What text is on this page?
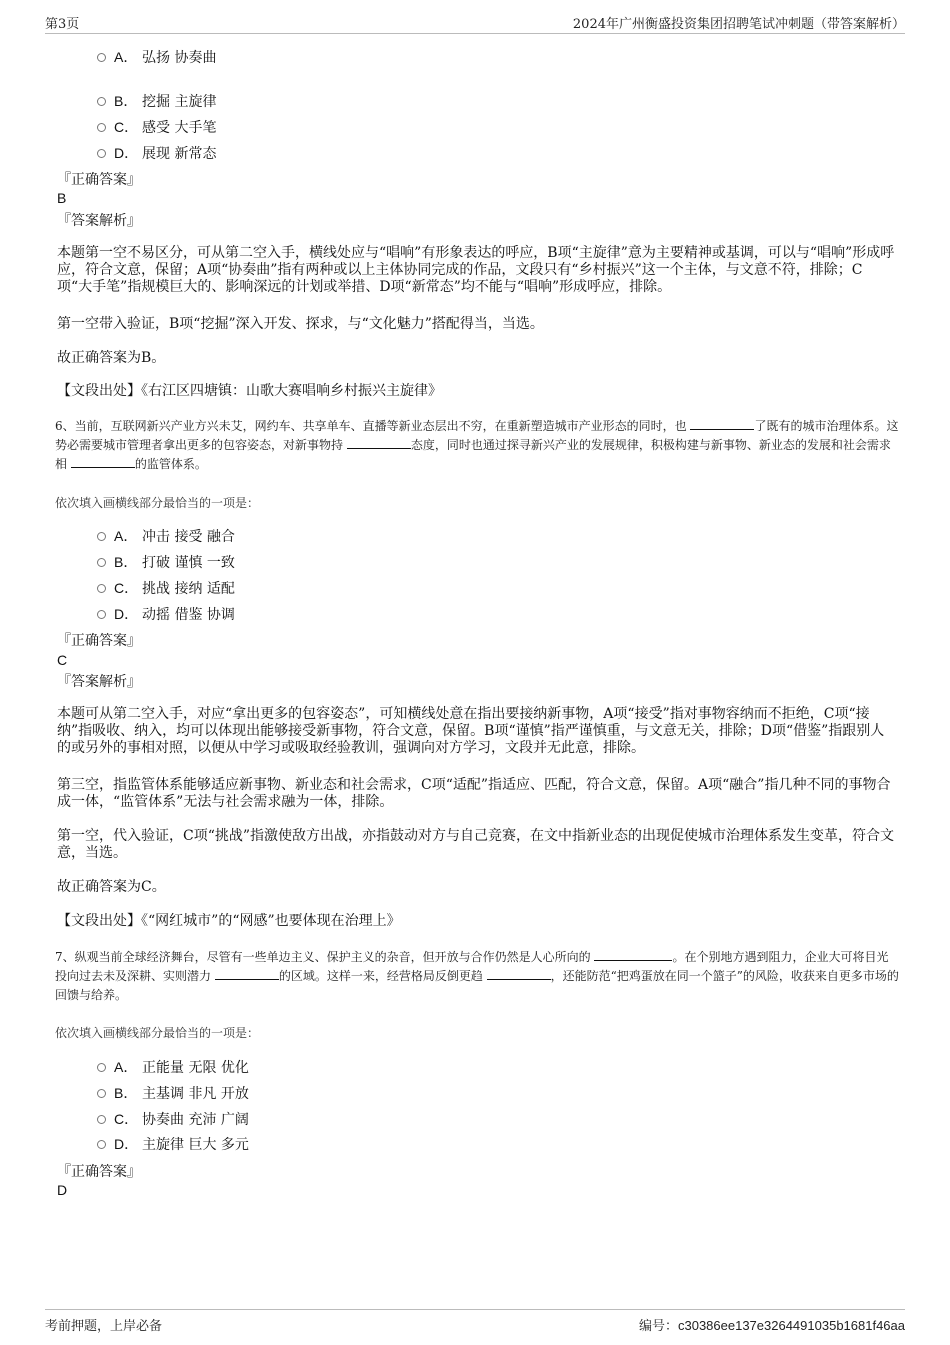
第3页	2024年广州衡盛投资集团招聘笔试冲刺题（带答案解析）
A． 弘扬 协奏曲
B． 挖掘 主旋律
C． 感受 大手笔
D． 展现 新常态
『正确答案』
B
『答案解析』
本题第一空不易区分，可从第二空入手，横线处应与“唱响”有形象表达的呼应，B项“主旋律”意为主要精神或基调，可以与“唱响”形成呼应，符合文意，保留；A项“协奏曲”指有两种或以上主体协同完成的作品，文段只有“乡村振兴”这一个主体，与文意不符，排除；C项“大手笔”指规模巨大的、影响深远的计划或举措、D项“新常态”均不能与“唱响”形成呼应，排除。
第一空带入验证，B项“挖掘”深入开发、探求，与“文化魅力”搭配得当，当选。
故正确答案为B。
【文段出处】《右江区四塘镇：山歌大赛唱响乡村振兴主旋律》
6、当前，互联网新兴产业方兴未艾，网约车、共享单车、直播等新业态层出不穷，在重新塑造城市产业形态的同时，也	了既有的城市治理体系。这势必需要城市管理者拿出更多的包容姿态，对新事物持	态度，同时也通过探寻新兴产业的发展规律，积极构建与新事物、新业态的发展和社会需求相	的监管体系。
依次填入画横线部分最恰当的一项是：
A． 冲击 接受 融合
B． 打破 谨慎 一致
C． 挑战 接纳 适配
D． 动摇 借鉴 协调
『正确答案』
C
『答案解析』
本题可从第二空入手，对应“拿出更多的包容姿态”，可知横线处意在指出要接纳新事物，A项“接受”指对事物容纳而不拒绝，C项“接纳”指吸收、纳入，均可以体现出能够接受新事物，符合文意，保留。B项“谨慎”指严谨慎重，与文意无关，排除；D项“借鉴”指跟别人的或另外的事相对照，以便从中学习或吸取经验教训，强调向对方学习，文段并无此意，排除。
第三空，指监管体系能够适应新事物、新业态和社会需求，C项“适配”指适应、匹配，符合文意，保留。A项“融合”指几种不同的事物合成一体，“监管体系”无法与社会需求融为一体，排除。
第一空，代入验证，C项“挑战”指激使敌方出战，亦指鼓动对方与自己竞赛，在文中指新业态的出现促使城市治理体系发生变革，符合文意，当选。
故正确答案为C。
【文段出处】《“网红城市”的“网感”也要体现在治理上》
7、纵观当前全球经济舞台，尽管有一些单边主义、保护主义的杂音，但开放与合作仍然是人心所向的	。在个别地方遇到阻力，企业大可将目光投向过去未及深耕、实则潜力	的区域。这样一来，经营格局反倒更趋	，还能防范“把鸡蛋放在同一个篮子”的风险，收获来自更多市场的回馈与给养。
依次填入画横线部分最恰当的一项是：
A． 正能量 无限 优化
B． 主基调 非凡 开放
C． 协奏曲 充沛 广阔
D． 主旋律 巨大 多元
『正确答案』
D
考前押题，上岸必备	编号：c30386ee137e3264491035b1681f46aa
